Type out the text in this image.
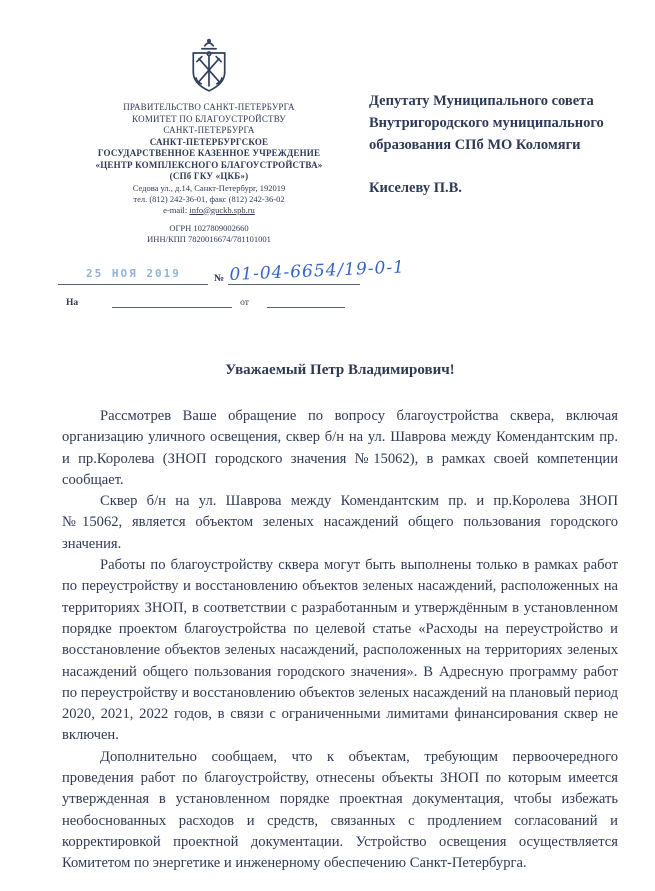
ПРАВИТЕЛЬСТВО САНКТ-ПЕТЕРБУРГА
КОМИТЕТ ПО БЛАГОУСТРОЙСТВУ
САНКТ-ПЕТЕРБУРГА
САНКТ-ПЕТЕРБУРГСКОЕ
ГОСУДАРСТВЕННОЕ КАЗЕННОЕ УЧРЕЖДЕНИЕ
«ЦЕНТР КОМПЛЕКСНОГО БЛАГОУСТРОЙСТВА»
(СПб ГКУ «ЦКБ»)
Седова ул., д.14, Санкт-Петербург, 192019
тел. (812) 242-36-01, факс (812) 242-36-02
e-mail: info@guckb.spb.ru
ОГРН 1027809002660
ИНН/КПП 7820016674/781101001
25 НОЯ 2019	№ 01-04-6654/19-0-1
На	от
Депутату Муниципального совета
Внутригородского муниципального
образования СПб МО Коломяги
Киселеву П.В.
Уважаемый Петр Владимирович!

Рассмотрев Ваше обращение по вопросу благоустройства сквера, включая организацию уличного освещения, сквер б/н на ул. Шаврова между Комендантским пр. и пр.Королева (ЗНОП городского значения №15062), в рамках своей компетенции сообщает.

Сквер б/н на ул. Шаврова между Комендантским пр. и пр.Королева ЗНОП №15062, является объектом зеленых насаждений общего пользования городского значения.

Работы по благоустройству сквера могут быть выполнены только в рамках работ по переустройству и восстановлению объектов зеленых насаждений, расположенных на территориях ЗНОП, в соответствии с разработанным и утверждённым в установленном порядке проектом благоустройства по целевой статье «Расходы на переустройство и восстановление объектов зеленых насаждений, расположенных на территориях зеленых насаждений общего пользования городского значения». В Адресную программу работ по переустройству и восстановлению объектов зеленых насаждений на плановый период 2020, 2021, 2022 годов, в связи с ограниченными лимитами финансирования сквер не включен.

Дополнительно сообщаем, что к объектам, требующим первоочередного проведения работ по благоустройству, отнесены объекты ЗНОП по которым имеется утвержденная в установленном порядке проектная документация, чтобы избежать необоснованных расходов и средств, связанных с продлением согласований и корректировкой проектной документации. Устройство освещения осуществляется Комитетом по энергетике и инженерному обеспечению Санкт-Петербурга.
